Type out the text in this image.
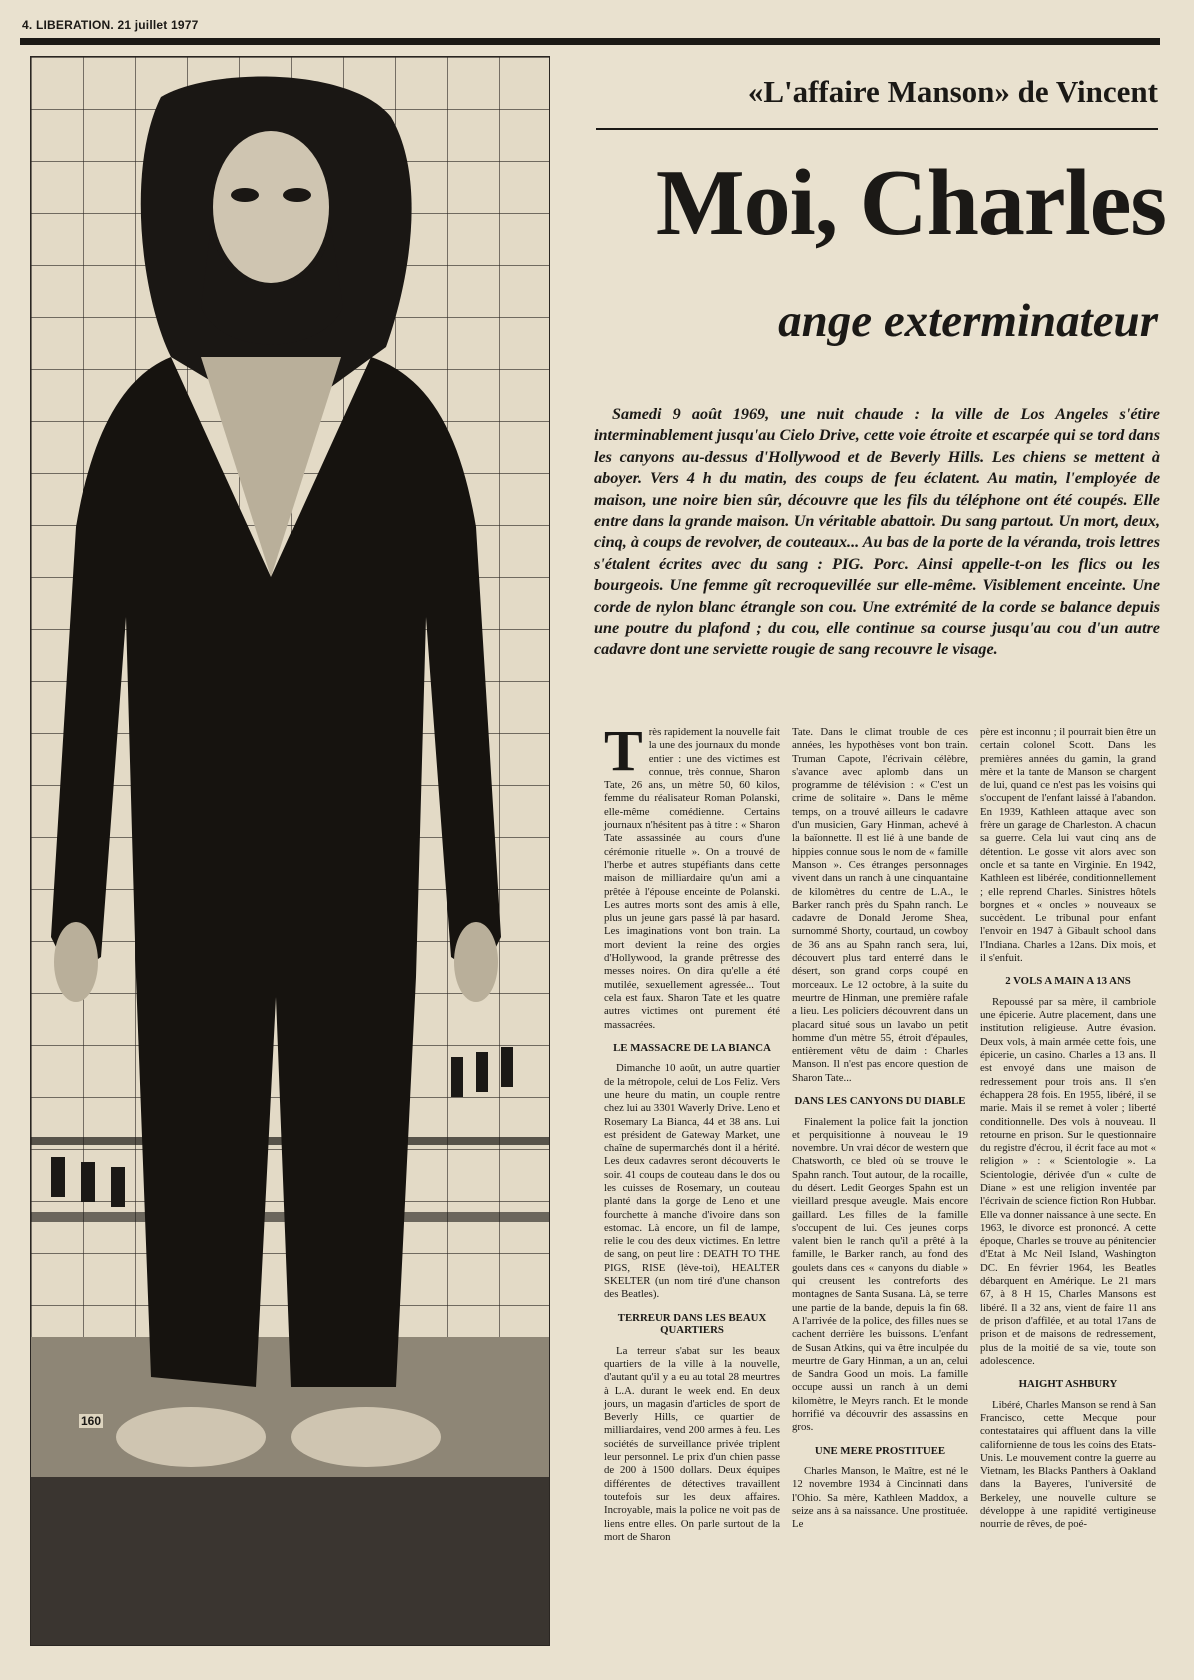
4. LIBERATION. 21 juillet 1977
160
«L'affaire Manson» de Vincent
Moi, Charles
ange exterminateur
Samedi 9 août 1969, une nuit chaude : la ville de Los Angeles s'étire interminablement jusqu'au Cielo Drive, cette voie étroite et escarpée qui se tord dans les canyons au-dessus d'Hollywood et de Beverly Hills. Les chiens se mettent à aboyer. Vers 4 h du matin, des coups de feu éclatent. Au matin, l'employée de maison, une noire bien sûr, découvre que les fils du téléphone ont été coupés. Elle entre dans la grande maison. Un véritable abattoir. Du sang partout. Un mort, deux, cinq, à coups de revolver, de couteaux... Au bas de la porte de la véranda, trois lettres s'étalent écrites avec du sang : PIG. Porc. Ainsi appelle-t-on les flics ou les bourgeois. Une femme gît recroquevillée sur elle-même. Visiblement enceinte. Une corde de nylon blanc étrangle son cou. Une extrémité de la corde se balance depuis une poutre du plafond ; du cou, elle continue sa course jusqu'au cou d'un autre cadavre dont une serviette rougie de sang recouvre le visage.

Très rapidement la nouvelle fait la une des journaux du monde entier : une des victimes est connue, très connue, Sharon Tate, 26 ans, un mètre 50, 60 kilos, femme du réalisateur Roman Polanski, elle-même comédienne. Certains journaux n'hésitent pas à titre : « Sharon Tate assassinée au cours d'une cérémonie rituelle ». On a trouvé de l'herbe et autres stupéfiants dans cette maison de milliardaire qu'un ami a prêtée à l'épouse enceinte de Polanski. Les autres morts sont des amis à elle, plus un jeune gars passé là par hasard. Les imaginations vont bon train. La mort devient la reine des orgies d'Hollywood, la grande prêtresse des messes noires. On dira qu'elle a été mutilée, sexuellement agressée... Tout cela est faux. Sharon Tate et les quatre autres victimes ont purement été massacrées.

LE MASSACRE DE LA BIANCA

Dimanche 10 août, un autre quartier de la métropole, celui de Los Feliz. Vers une heure du matin, un couple rentre chez lui au 3301 Waverly Drive. Leno et Rosemary La Bianca, 44 et 38 ans. Lui est président de Gateway Market, une chaîne de supermarchés dont il a hérité. Les deux cadavres seront découverts le soir. 41 coups de couteau dans le dos ou les cuisses de Rosemary, un couteau planté dans la gorge de Leno et une fourchette à manche d'ivoire dans son estomac. Là encore, un fil de lampe, relie le cou des deux victimes. En lettre de sang, on peut lire : DEATH TO THE PIGS, RISE (lève-toi), HEALTER SKELTER (un nom tiré d'une chanson des Beatles).

TERREUR DANS LES BEAUX QUARTIERS

La terreur s'abat sur les beaux quartiers de la ville à la nouvelle, d'autant qu'il y a eu au total 28 meurtres à L.A. durant le week end. En deux jours, un magasin d'articles de sport de Beverly Hills, ce quartier de milliardaires, vend 200 armes à feu. Les sociétés de surveillance privée triplent leur personnel. Le prix d'un chien passe de 200 à 1500 dollars. Deux équipes différentes de détectives travaillent toutefois sur les deux affaires. Incroyable, mais la police ne voit pas de liens entre elles. On parle surtout de la mort de Sharon

Tate. Dans le climat trouble de ces années, les hypothèses vont bon train. Truman Capote, l'écrivain célèbre, s'avance avec aplomb dans un programme de télévision : « C'est un crime de solitaire ». Dans le même temps, on a trouvé ailleurs le cadavre d'un musicien, Gary Hinman, achevé à la baïonnette. Il est lié à une bande de hippies connue sous le nom de « famille Manson ». Ces étranges personnages vivent dans un ranch à une cinquantaine de kilomètres du centre de L.A., le Barker ranch près du Spahn ranch. Le cadavre de Donald Jerome Shea, surnommé Shorty, courtaud, un cowboy de 36 ans au Spahn ranch sera, lui, découvert plus tard enterré dans le désert, son grand corps coupé en morceaux. Le 12 octobre, à la suite du meurtre de Hinman, une première rafale a lieu. Les policiers découvrent dans un placard situé sous un lavabo un petit homme d'un mètre 55, étroit d'épaules, entièrement vêtu de daim : Charles Manson. Il n'est pas encore question de Sharon Tate...

DANS LES CANYONS DU DIABLE

Finalement la police fait la jonction et perquisitionne à nouveau le 19 novembre. Un vrai décor de western que Chatsworth, ce bled où se trouve le Spahn ranch. Tout autour, de la rocaille, du désert. Ledit Georges Spahn est un vieillard presque aveugle. Mais encore gaillard. Les filles de la famille s'occupent de lui. Ces jeunes corps valent bien le ranch qu'il a prêté à la famille, le Barker ranch, au fond des goulets dans ces « canyons du diable » qui creusent les contreforts des montagnes de Santa Susana. Là, se terre une partie de la bande, depuis la fin 68. A l'arrivée de la police, des filles nues se cachent derrière les buissons. L'enfant de Susan Atkins, qui va être inculpée du meurtre de Gary Hinman, a un an, celui de Sandra Good un mois. La famille occupe aussi un ranch à un demi kilomètre, le Meyrs ranch. Et le monde horrifié va découvrir des assassins en gros.

UNE MERE PROSTITUEE

Charles Manson, le Maître, est né le 12 novembre 1934 à Cincinnati dans l'Ohio. Sa mère, Kathleen Maddox, a seize ans à sa naissance. Une prostituée. Le

père est inconnu ; il pourrait bien être un certain colonel Scott. Dans les premières années du gamin, la grand mère et la tante de Manson se chargent de lui, quand ce n'est pas les voisins qui s'occupent de l'enfant laissé à l'abandon. En 1939, Kathleen attaque avec son frère un garage de Charleston. A chacun sa guerre. Cela lui vaut cinq ans de détention. Le gosse vit alors avec son oncle et sa tante en Virginie. En 1942, Kathleen est libérée, conditionnellement ; elle reprend Charles. Sinistres hôtels borgnes et « oncles » nouveaux se succèdent. Le tribunal pour enfant l'envoir en 1947 à Gibault school dans l'Indiana. Charles a 12ans. Dix mois, et il s'enfuit.

2 VOLS A MAIN A 13 ANS

Repoussé par sa mère, il cambriole une épicerie. Autre placement, dans une institution religieuse. Autre évasion. Deux vols, à main armée cette fois, une épicerie, un casino. Charles a 13 ans. Il est envoyé dans une maison de redressement pour trois ans. Il s'en échappera 28 fois. En 1955, libéré, il se marie. Mais il se remet à voler ; liberté conditionnelle. Des vols à nouveau. Il retourne en prison. Sur le questionnaire du registre d'écrou, il écrit face au mot « religion » : « Scientologie ». La Scientologie, dérivée d'un « culte de Diane » est une religion inventée par l'écrivain de science fiction Ron Hubbar. Elle va donner naissance à une secte. En 1963, le divorce est prononcé. A cette époque, Charles se trouve au pénitencier d'Etat à Mc Neil Island, Washington DC. En février 1964, les Beatles débarquent en Amérique. Le 21 mars 67, à 8 H 15, Charles Mansons est libéré. Il a 32 ans, vient de faire 11 ans de prison d'affilée, et au total 17ans de prison et de maisons de redressement, plus de la moitié de sa vie, toute son adolescence.

HAIGHT ASHBURY

Libéré, Charles Manson se rend à San Francisco, cette Mecque pour contestataires qui affluent dans la ville californienne de tous les coins des Etats-Unis. Le mouvement contre la guerre au Vietnam, les Blacks Panthers à Oakland dans la Bayeres, l'université de Berkeley, une nouvelle culture se développe à une rapidité vertigineuse nourrie de rêves, de poé-
